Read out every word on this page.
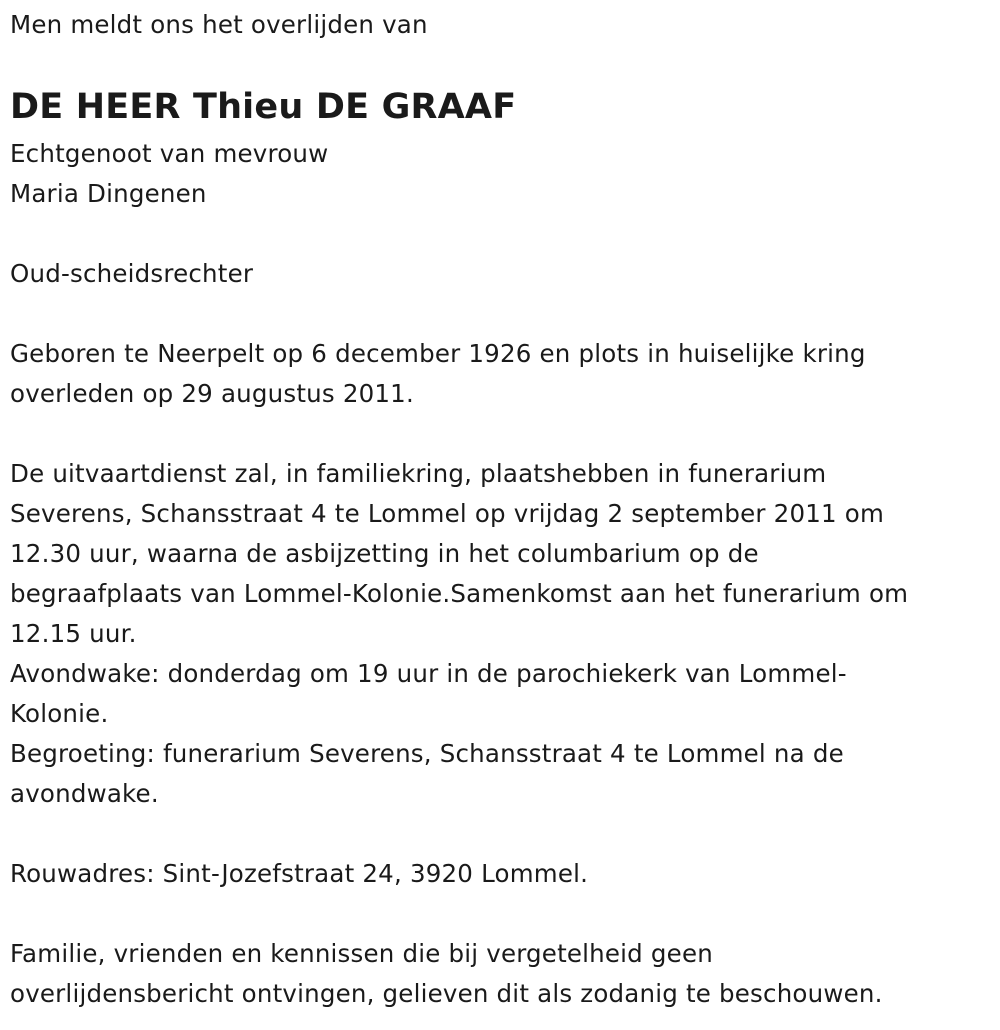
Men meldt ons het overlijden van
DE HEER Thieu DE GRAAF
Echtgenoot van mevrouw
Maria Dingenen
Oud-scheidsrechter
Geboren te Neerpelt op 6 december 1926 en plots in huiselijke kring
overleden op 29 augustus 2011.
De uitvaartdienst zal, in familiekring, plaatshebben in funerarium
Severens, Schansstraat 4 te Lommel op vrijdag 2 september 2011 om
12.30 uur, waarna de asbijzetting in het columbarium op de
begraafplaats van Lommel-Kolonie.Samenkomst aan het funerarium om
12.15 uur.
Avondwake: donderdag om 19 uur in de parochiekerk van Lommel-
Kolonie.
Begroeting: funerarium Severens, Schansstraat 4 te Lommel na de
avondwake.
Rouwadres: Sint-Jozefstraat 24, 3920 Lommel.
Familie, vrienden en kennissen die bij vergetelheid geen
overlijdensbericht ontvingen, gelieven dit als zodanig te beschouwen.
